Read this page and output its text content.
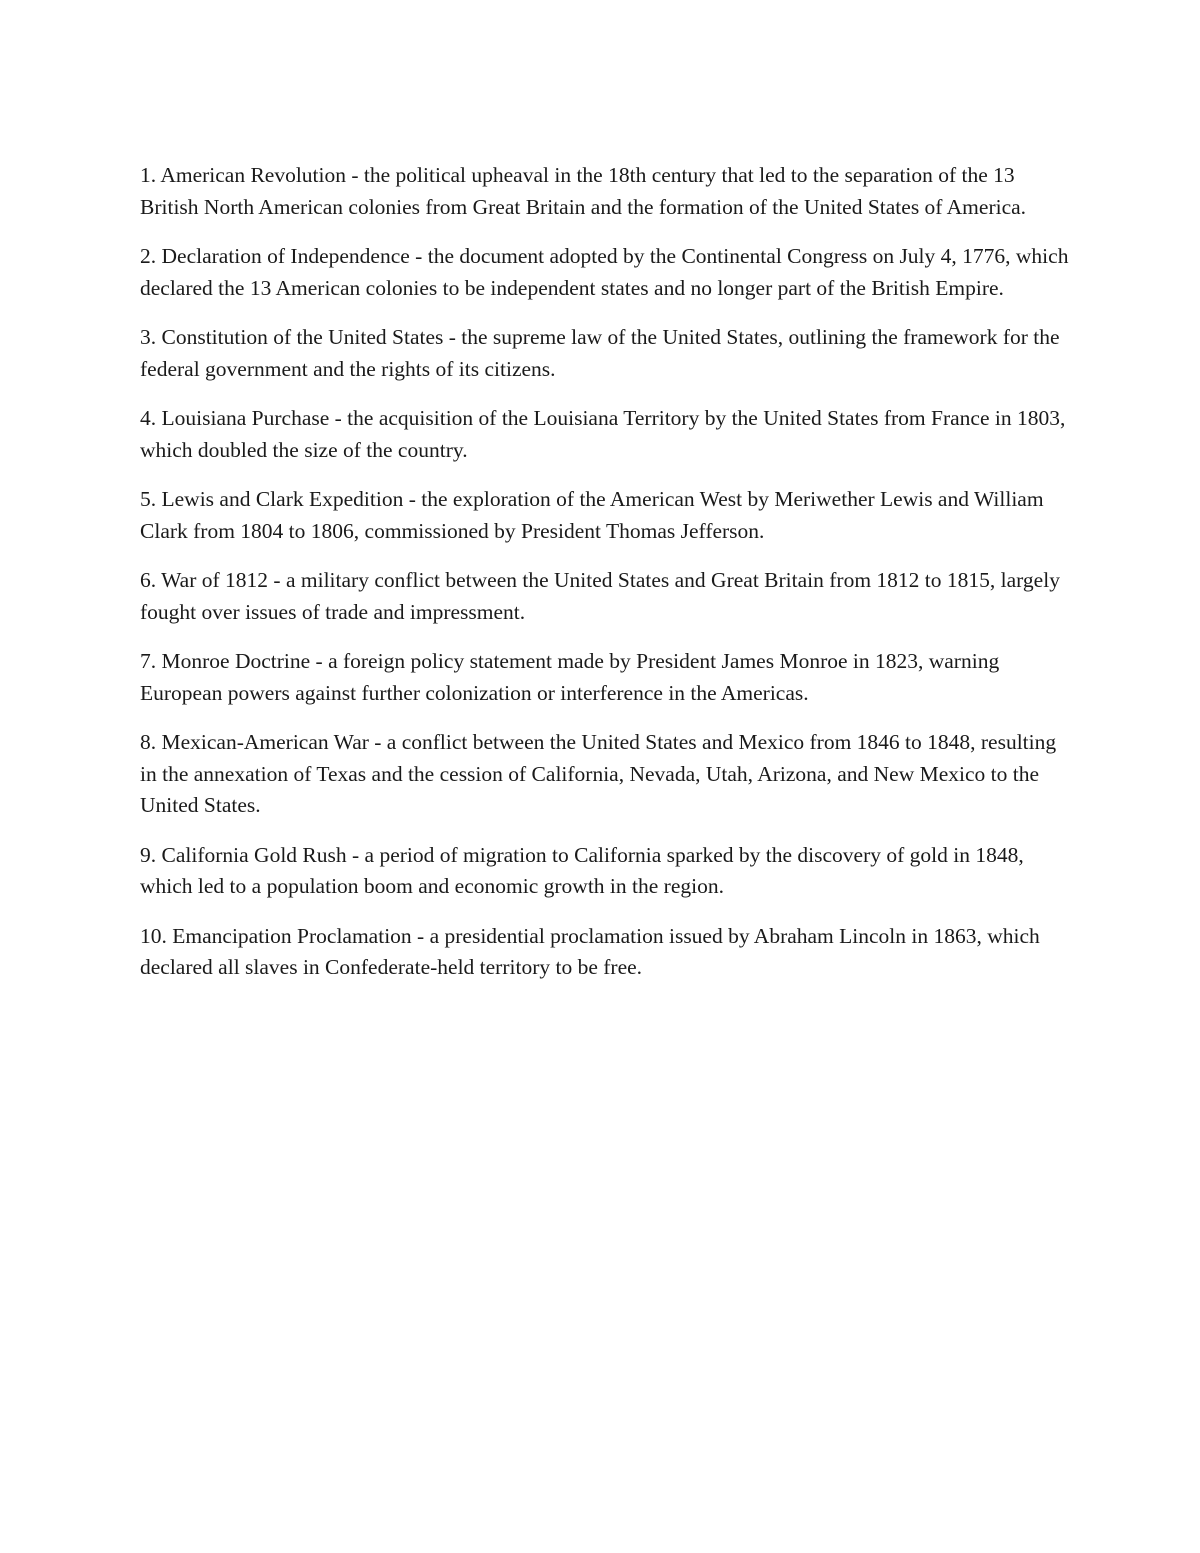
1. American Revolution - the political upheaval in the 18th century that led to the separation of the 13 British North American colonies from Great Britain and the formation of the United States of America.

2. Declaration of Independence - the document adopted by the Continental Congress on July 4, 1776, which declared the 13 American colonies to be independent states and no longer part of the British Empire.

3. Constitution of the United States - the supreme law of the United States, outlining the framework for the federal government and the rights of its citizens.

4. Louisiana Purchase - the acquisition of the Louisiana Territory by the United States from France in 1803, which doubled the size of the country.

5. Lewis and Clark Expedition - the exploration of the American West by Meriwether Lewis and William Clark from 1804 to 1806, commissioned by President Thomas Jefferson.

6. War of 1812 - a military conflict between the United States and Great Britain from 1812 to 1815, largely fought over issues of trade and impressment.

7. Monroe Doctrine - a foreign policy statement made by President James Monroe in 1823, warning European powers against further colonization or interference in the Americas.

8. Mexican-American War - a conflict between the United States and Mexico from 1846 to 1848, resulting in the annexation of Texas and the cession of California, Nevada, Utah, Arizona, and New Mexico to the United States.

9. California Gold Rush - a period of migration to California sparked by the discovery of gold in 1848, which led to a population boom and economic growth in the region.

10. Emancipation Proclamation - a presidential proclamation issued by Abraham Lincoln in 1863, which declared all slaves in Confederate-held territory to be free.
